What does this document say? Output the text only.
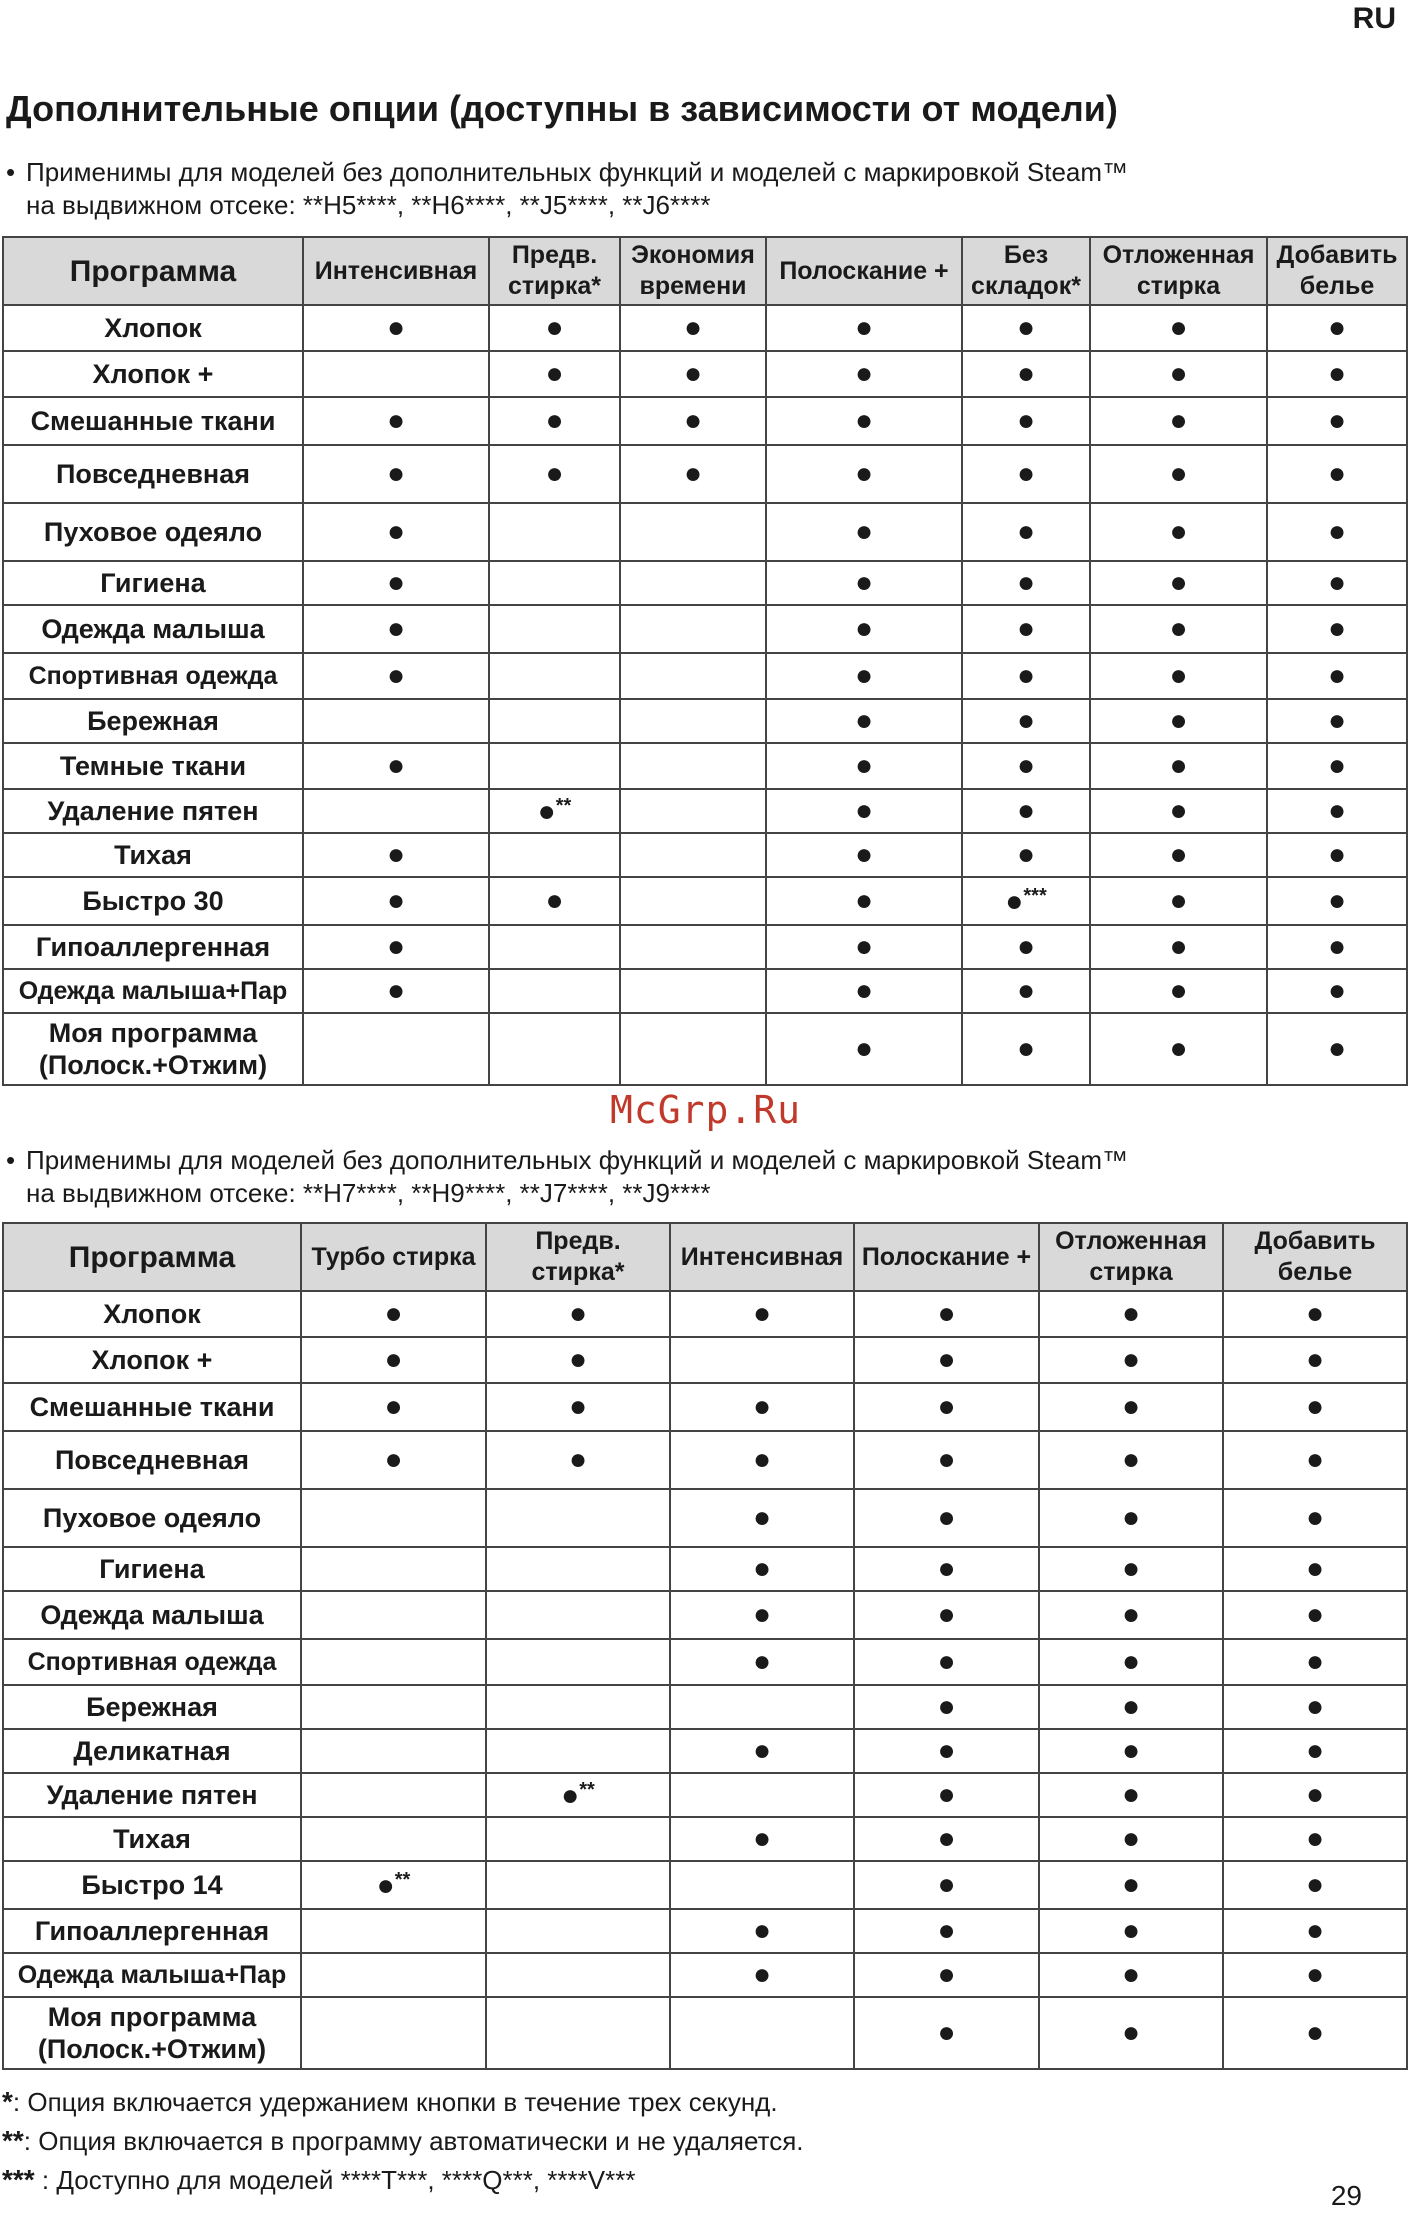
RU
Дополнительные опции (доступны в зависимости от модели)
• Применимы для моделей без дополнительных функций и моделей с маркировкой Steam™
на выдвижном отсеке: **H5****, **H6****, **J5****, **J6****
Программа	Интенсивная	Предв. стирка*	Экономия времени	Полоскание +	Без складок*	Отложенная стирка	Добавить белье
Хлопок	●	●	●	●	●	●	●
Хлопок +		●	●	●	●	●	●
Смешанные ткани	●	●	●	●	●	●	●
Повседневная	●	●	●	●	●	●	●
Пуховое одеяло	●			●	●	●	●
Гигиена	●			●	●	●	●
Одежда малыша	●			●	●	●	●
Спортивная одежда	●			●	●	●	●
Бережная				●	●	●	●
Темные ткани	●			●	●	●	●
Удаление пятен		●**		●	●	●	●
Тихая	●			●	●	●	●
Быстро 30	●	●		●	●***	●	●
Гипоаллергенная	●			●	●	●	●
Одежда малыша+Пар	●			●	●	●	●

Моя программа
(Полоск.+Отжим)				●	●	●	●
McGrp.Ru
• Применимы для моделей без дополнительных функций и моделей с маркировкой Steam™
на выдвижном отсеке: **H7****, **H9****, **J7****, **J9****
Программа	Турбо стирка	Предв. стирка*	Интенсивная	Полоскание +	Отложенная стирка	Добавить белье
Хлопок	●	●	●	●	●	●
Хлопок +	●	●		●	●	●
Смешанные ткани	●	●	●	●	●	●
Повседневная	●	●	●	●	●	●
Пуховое одеяло			●	●	●	●
Гигиена			●	●	●	●
Одежда малыша			●	●	●	●
Спортивная одежда			●	●	●	●
Бережная				●	●	●
Деликатная			●	●	●	●
Удаление пятен		●**		●	●	●
Тихая			●	●	●	●
Быстро 14	●**			●	●	●
Гипоаллергенная			●	●	●	●
Одежда малыша+Пар			●	●	●	●

Моя программа
(Полоск.+Отжим)				●	●	●
*: Опция включается удержанием кнопки в течение трех секунд.
**: Опция включается в программу автоматически и не удаляется.
*** : Доступно для моделей ****T***, ****Q***, ****V***	29
